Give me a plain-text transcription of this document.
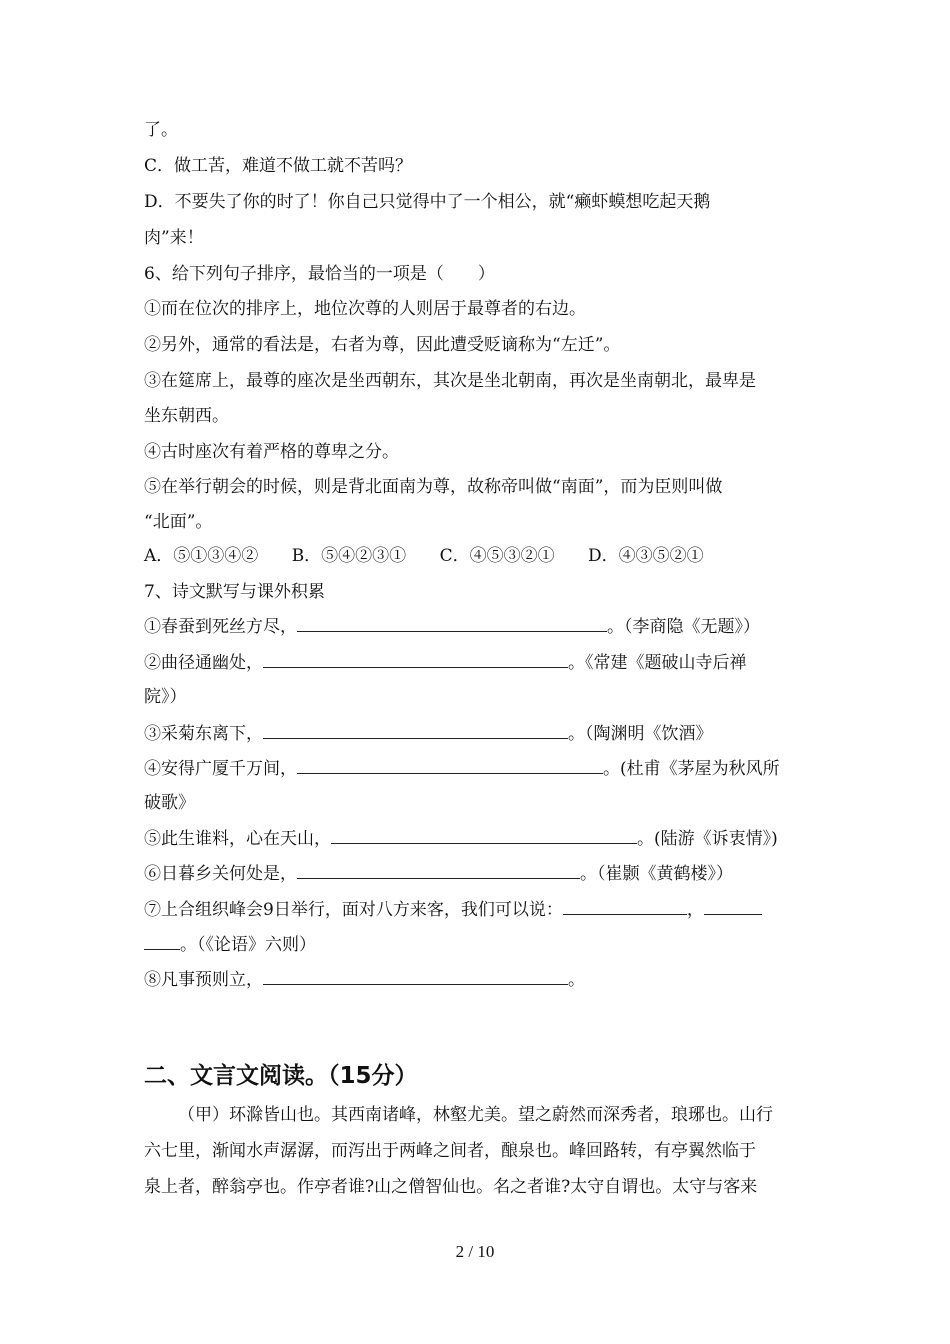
了。
C．做工苦，难道不做工就不苦吗？
D．不要失了你的时了！你自己只觉得中了一个相公，就“癞虾蟆想吃起天鹅
肉”来！
6、给下列句子排序，最恰当的一项是（　　）
①而在位次的排序上，地位次尊的人则居于最尊者的右边。
②另外，通常的看法是，右者为尊，因此遭受贬谪称为“左迁”。
③在筵席上，最尊的座次是坐西朝东，其次是坐北朝南，再次是坐南朝北，最卑是
坐东朝西。
④古时座次有着严格的尊卑之分。
⑤在举行朝会的时候，则是背北面南为尊，故称帝叫做“南面”，而为臣则叫做
“北面”。
A．⑤①③④② B．⑤④②③① C．④⑤③②① D．④③⑤②①
7、诗文默写与课外积累
①春蚕到死丝方尽，	。（李商隐《无题》）
②曲径通幽处，	。《常建《题破山寺后禅
院》）
③采菊东离下，	。（陶渊明《饮酒》
④安得广厦千万间，	。(杜甫《茅屋为秋风所
破歌》
⑤此生谁料，心在天山，	。(陆游《诉衷情》)
⑥日暮乡关何处是，	。（崔颢《黄鹤楼》）
⑦上合组织峰会9日举行，面对八方来客，我们可以说：	，
。（《论语》六则）
⑧凡事预则立，	。
二、文言文阅读。（15分）
（甲）环滁皆山也。其西南诸峰，林壑尤美。望之蔚然而深秀者，琅琊也。山行
六七里，渐闻水声潺潺，而泻出于两峰之间者，酿泉也。峰回路转，有亭翼然临于
泉上者，醉翁亭也。作亭者谁?山之僧智仙也。名之者谁?太守自谓也。太守与客来
2 / 10
